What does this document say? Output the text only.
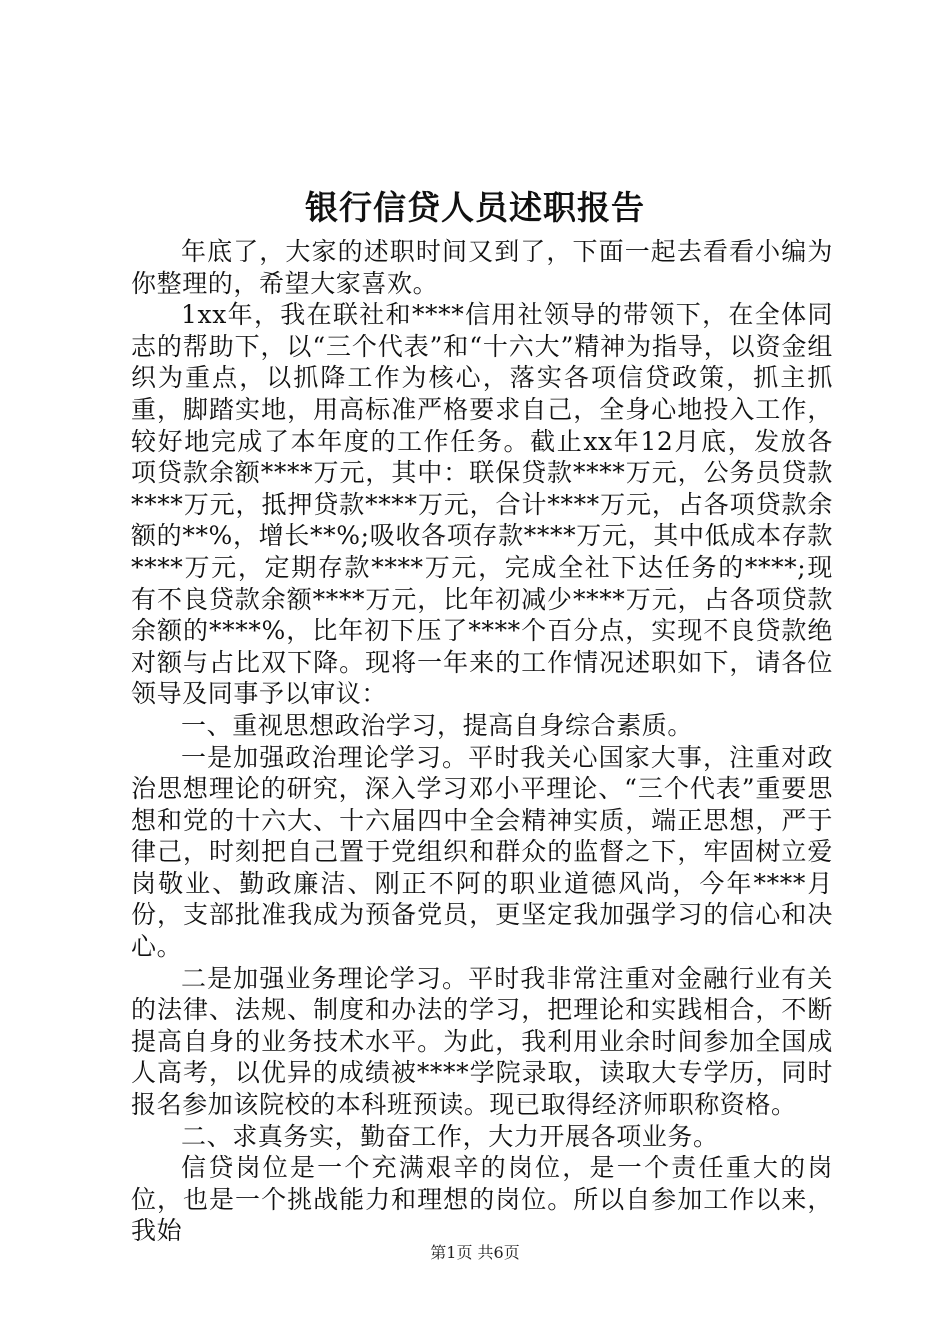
银行信贷人员述职报告

年底了，大家的述职时间又到了，下面一起去看看小编为你整理的，希望大家喜欢。

1xx年，我在联社和****信用社领导的带领下，在全体同志的帮助下，以“三个代表”和“十六大”精神为指导，以资金组织为重点，以抓降工作为核心，落实各项信贷政策，抓主抓重，脚踏实地，用高标准严格要求自己，全身心地投入工作，较好地完成了本年度的工作任务。截止xx年12月底，发放各项贷款余额****万元，其中：联保贷款****万元，公务员贷款****万元，抵押贷款****万元，合计****万元，占各项贷款余额的**%，增长**%;吸收各项存款****万元，其中低成本存款****万元，定期存款****万元，完成全社下达任务的****;现有不良贷款余额****万元，比年初减少****万元，占各项贷款余额的****%，比年初下压了****个百分点，实现不良贷款绝对额与占比双下降。现将一年来的工作情况述职如下，请各位领导及同事予以审议：

一、重视思想政治学习，提高自身综合素质。

一是加强政治理论学习。平时我关心国家大事，注重对政治思想理论的研究，深入学习邓小平理论、“三个代表”重要思想和党的十六大、十六届四中全会精神实质，端正思想，严于律己，时刻把自己置于党组织和群众的监督之下，牢固树立爱岗敬业、勤政廉洁、刚正不阿的职业道德风尚，今年****月份，支部批准我成为预备党员，更坚定我加强学习的信心和决心。

二是加强业务理论学习。平时我非常注重对金融行业有关的法律、法规、制度和办法的学习，把理论和实践相合，不断提高自身的业务技术水平。为此，我利用业余时间参加全国成人高考，以优异的成绩被****学院录取，读取大专学历，同时报名参加该院校的本科班预读。现已取得经济师职称资格。

二、求真务实，勤奋工作，大力开展各项业务。

信贷岗位是一个充满艰辛的岗位，是一个责任重大的岗位，也是一个挑战能力和理想的岗位。所以自参加工作以来，我始

第1页 共6页
